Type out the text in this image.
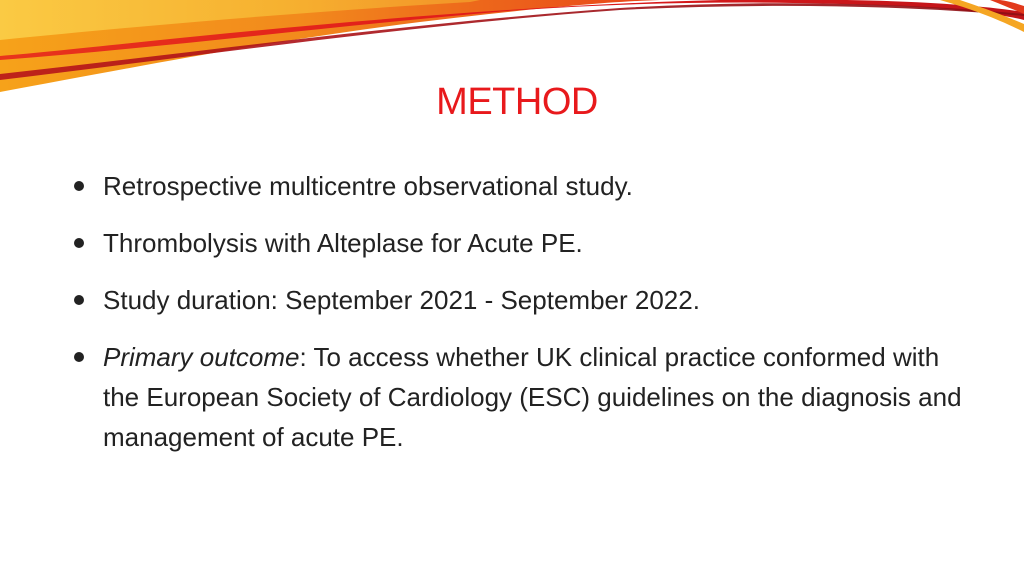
METHOD
Retrospective multicentre observational study.
Thrombolysis with Alteplase for Acute PE.
Study duration: September 2021 - September 2022.
Primary outcome: To access whether UK clinical practice conformed with the European Society of Cardiology (ESC) guidelines on the diagnosis and management of acute PE.
